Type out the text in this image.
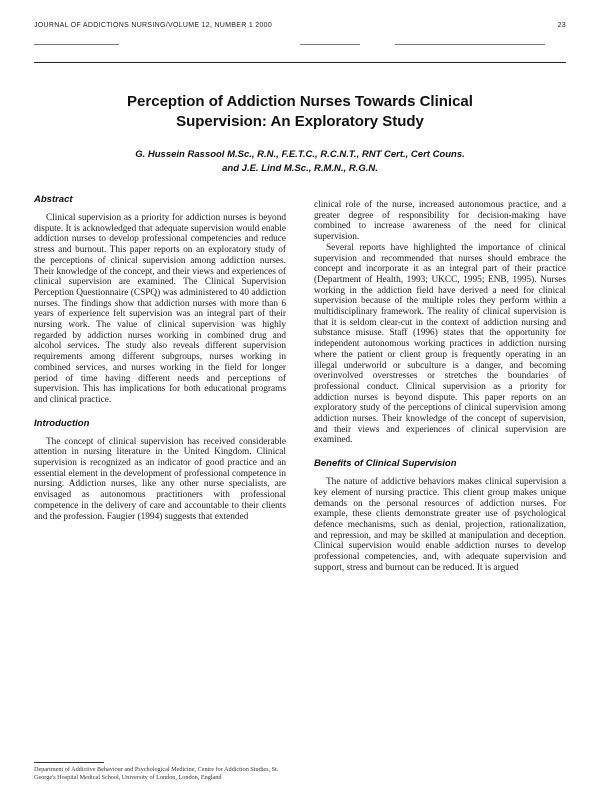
JOURNAL OF ADDICTIONS NURSING/VOLUME 12, NUMBER 1 2000	23
Perception of Addiction Nurses Towards Clinical
Supervision: An Exploratory Study
G. Hussein Rassool M.Sc., R.N., F.E.T.C., R.C.N.T., RNT Cert., Cert Couns.
and J.E. Lind M.Sc., R.M.N., R.G.N.
Abstract

Clinical supervision as a priority for addiction nurses is beyond dispute. It is acknowledged that adequate supervision would enable addiction nurses to develop professional competencies and reduce stress and burnout. This paper reports on an exploratory study of the perceptions of clinical supervision among addiction nurses. Their knowledge of the concept, and their views and experiences of clinical supervision are examined. The Clinical Supervision Perception Questionnaire (CSPQ) was administered to 40 addiction nurses. The findings show that addiction nurses with more than 6 years of experience felt supervision was an integral part of their nursing work. The value of clinical supervision was highly regarded by addiction nurses working in combined drug and alcohol services. The study also reveals different supervision requirements among different subgroups, nurses working in combined services, and nurses working in the field for longer period of time having different needs and perceptions of supervision. This has implications for both educational programs and clinical practice.

Introduction

The concept of clinical supervision has received considerable attention in nursing literature in the United Kingdom. Clinical supervision is recognized as an indicator of good practice and an essential element in the development of professional competence in nursing. Addiction nurses, like any other nurse specialists, are envisaged as autonomous practitioners with professional competence in the delivery of care and accountable to their clients and the profession. Faugier (1994) suggests that extended

clinical role of the nurse, increased autonomous practice, and a greater degree of responsibility for decision-making have combined to increase awareness of the need for clinical supervision.

Several reports have highlighted the importance of clinical supervision and recommended that nurses should embrace the concept and incorporate it as an integral part of their practice (Department of Health, 1993; UKCC, 1995; ENB, 1995). Nurses working in the addiction field have derived a need for clinical supervision because of the multiple roles they perform within a multidisciplinary framework. The reality of clinical supervision is that it is seldom clear-cut in the context of addiction nursing and substance misuse. Staff (1996) states that the opportunity for independent autonomous working practices in addiction nursing where the patient or client group is frequently operating in an illegal underworld or subculture is a danger, and becoming overinvolved overstresses or stretches the boundaries of professional conduct. Clinical supervision as a priority for addiction nurses is beyond dispute. This paper reports on an exploratory study of the perceptions of clinical supervision among addiction nurses. Their knowledge of the concept of supervision, and their views and experiences of clinical supervision are examined.

Benefits of Clinical Supervision

The nature of addictive behaviors makes clinical supervision a key element of nursing practice. This client group makes unique demands on the personal resources of addiction nurses. For example, these clients demonstrate greater use of psychological defence mechanisms, such as denial, projection, rationalization, and repression, and may be skilled at manipulation and deception. Clinical supervision would enable addiction nurses to develop professional competencies, and, with adequate supervision and support, stress and burnout can be reduced. It is argued

Department of Addictive Behaviour and Psychological Medicine, Centre for Addiction Studies, St. George's Hospital Medical School, University of London, London, England
